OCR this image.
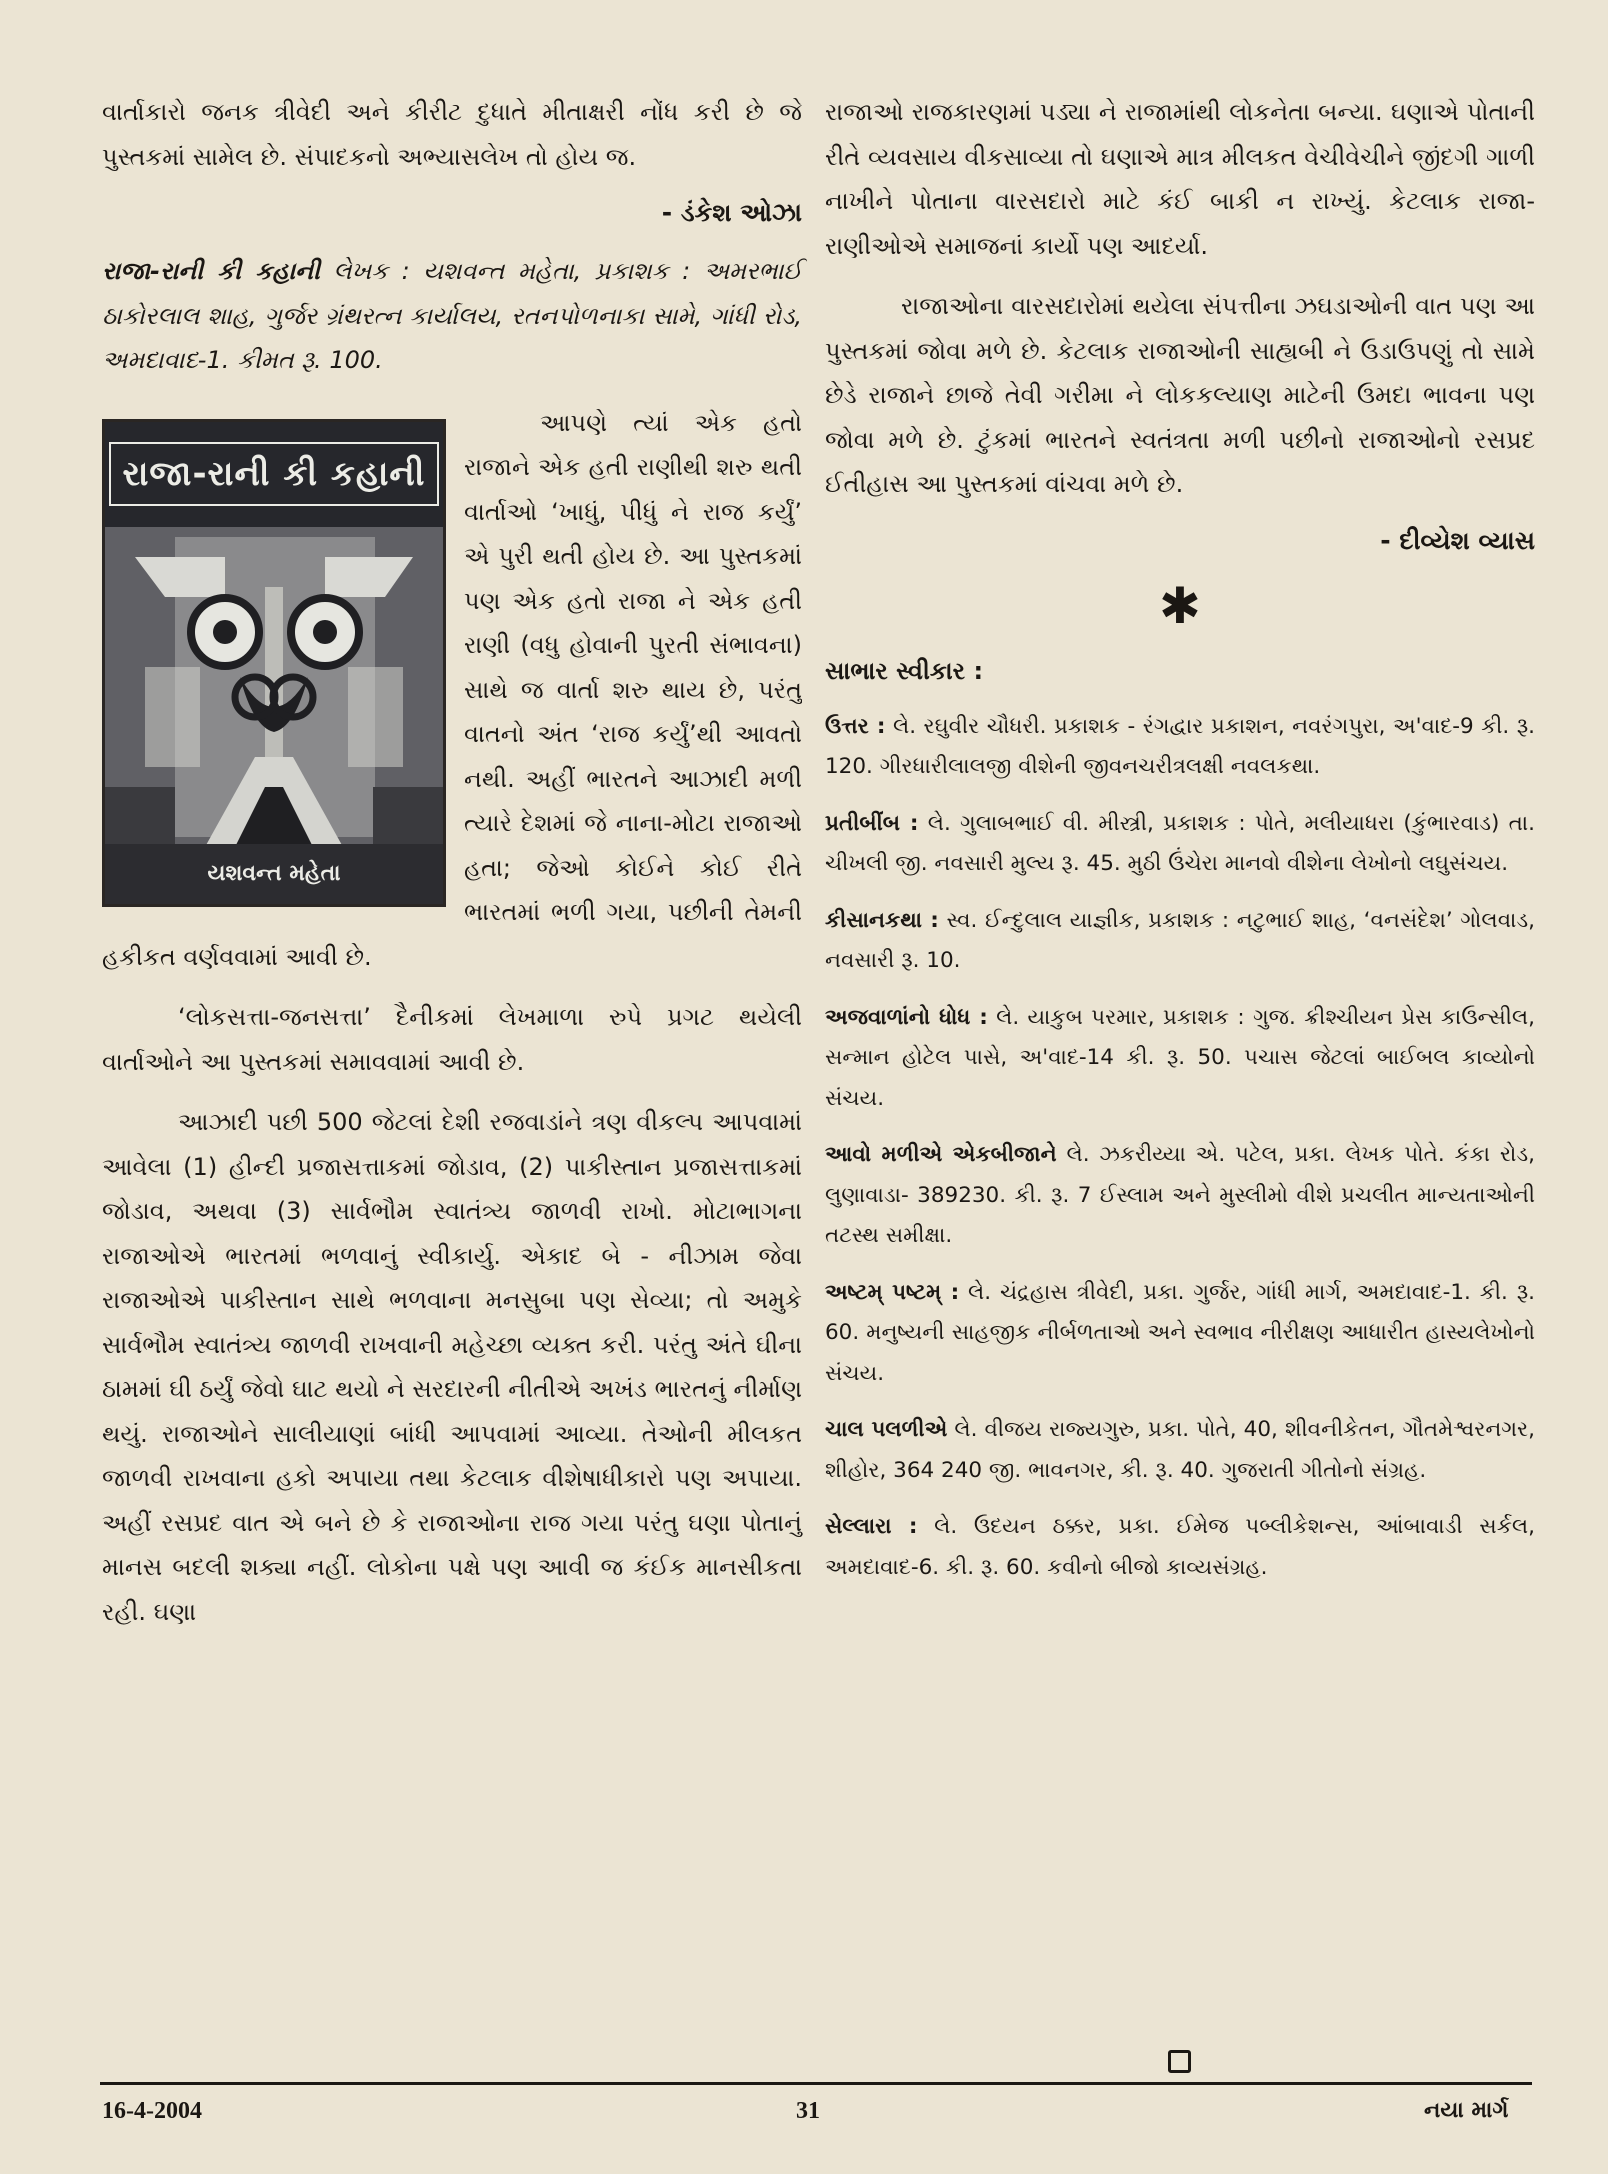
વાર્તાકારો જનક ત્રીવેદી અને કીરીટ દુધાતે મીતાક્ષરી નોંધ કરી છે જે પુસ્તકમાં સામેલ છે. સંપાદકનો અભ્યાસલેખ તો હોય જ.

- ડંકેશ ઓઝા

રાજા-રાની કી કહાની લેખક : યશવન્ત મહેતા, પ્રકાશક : અમરભાઈ ઠાકોરલાલ શાહ, ગુર્જર ગ્રંથરત્ન કાર્યાલય, રતનપોળનાકા સામે, ગાંધી રોડ, અમદાવાદ-1. કીમત રૂ. 100.

રાજા-રાની કી કહાની
યશવન્ત મહેતા

આપણે ત્યાં એક હતો રાજાને એક હતી રાણીથી શરુ થતી વાર્તાઓ ‘ખાધું, પીધું ને રાજ કર્યું’ એ પુરી થતી હોય છે. આ પુસ્તકમાં પણ એક હતો રાજા ને એક હતી રાણી (વધુ હોવાની પુરતી સંભાવના) સાથે જ વાર્તા શરુ થાય છે, પરંતુ વાતનો અંત ‘રાજ કર્યું’થી આવતો નથી. અહીં ભારતને આઝાદી મળી ત્યારે દેશમાં જે નાના-મોટા રાજાઓ હતા; જેઓ કોઈને કોઈ રીતે ભારતમાં ભળી ગયા, પછીની તેમની હકીકત વર્ણવવામાં આવી છે.

‘લોકસત્તા-જનસત્તા’ દૈનીકમાં લેખમાળા રુપે પ્રગટ થયેલી વાર્તાઓને આ પુસ્તકમાં સમાવવામાં આવી છે.

આઝાદી પછી 500 જેટલાં દેશી રજવાડાંને ત્રણ વીકલ્પ આપવામાં આવેલા (1) હીન્દી પ્રજાસત્તાકમાં જોડાવ, (2) પાકીસ્તાન પ્રજાસત્તાકમાં જોડાવ, અથવા (3) સાર્વભૌમ સ્વાતંત્ર્ય જાળવી રાખો. મોટાભાગના રાજાઓએ ભારતમાં ભળવાનું સ્વીકાર્યુ. એકાદ બે - નીઝામ જેવા રાજાઓએ પાકીસ્તાન સાથે ભળવાના મનસુબા પણ સેવ્યા; તો અમુકે સાર્વભૌમ સ્વાતંત્ર્ય જાળવી રાખવાની મહેચ્છા વ્યક્ત કરી. પરંતુ અંતે ઘીના ઠામમાં ઘી ઠર્યું જેવો ઘાટ થયો ને સરદારની નીતીએ અખંડ ભારતનું નીર્માણ થયું. રાજાઓને સાલીયાણાં બાંધી આપવામાં આવ્યા. તેઓની મીલકત જાળવી રાખવાના હકો અપાયા તથા કેટલાક વીશેષાધીકારો પણ અપાયા. અહીં રસપ્રદ વાત એ બને છે કે રાજાઓના રાજ ગયા પરંતુ ઘણા પોતાનું માનસ બદલી શક્યા નહીં. લોકોના પક્ષે પણ આવી જ કંઈક માનસીકતા રહી. ઘણા

રાજાઓ રાજકારણમાં પડ્યા ને રાજામાંથી લોકનેતા બન્યા. ઘણાએ પોતાની રીતે વ્યવસાય વીકસાવ્યા તો ઘણાએ માત્ર મીલકત વેચીવેચીને જીંદગી ગાળી નાખીને પોતાના વારસદારો માટે કંઈ બાકી ન રાખ્યું. કેટલાક રાજા-રાણીઓએ સમાજનાં કાર્યો પણ આદર્યા.

રાજાઓના વારસદારોમાં થયેલા સંપત્તીના ઝઘડાઓની વાત પણ આ પુસ્તકમાં જોવા મળે છે. કેટલાક રાજાઓની સાહ્યબી ને ઉડાઉપણું તો સામે છેડે રાજાને છાજે તેવી ગરીમા ને લોકકલ્યાણ માટેની ઉમદા ભાવના પણ જોવા મળે છે. ટુંકમાં ભારતને સ્વતંત્રતા મળી પછીનો રાજાઓનો રસપ્રદ ઈતીહાસ આ પુસ્તકમાં વાંચવા મળે છે.

- દીવ્યેશ વ્યાસ

✱

સાભાર સ્વીકાર :

ઉત્તર : લે. રઘુવીર ચૌધરી. પ્રકાશક - રંગદ્વાર પ્રકાશન, નવરંગપુરા, અ'વાદ-9 કી. રૂ. 120. ગીરધારીલાલજી વીશેની જીવનચરીત્રલક્ષી નવલકથા.

પ્રતીબીંબ : લે. ગુલાબભાઈ વી. મીસ્ત્રી, પ્રકાશક : પોતે, મલીયાધરા (કુંભારવાડ) તા. ચીખલી જી. નવસારી મુલ્ય રૂ. 45. મુઠી ઉંચેરા માનવો વીશેના લેખોનો લઘુસંચય.

કીસાનકથા : સ્વ. ઈન્દુલાલ યાજ્ઞીક, પ્રકાશક : નટુભાઈ શાહ, ‘વનસંદેશ’ ગોલવાડ, નવસારી રૂ. 10.

અજવાળાંનો ધોધ : લે. યાકુબ પરમાર, પ્રકાશક : ગુજ. ક્રીશ્ચીયન પ્રેસ કાઉન્સીલ, સન્માન હોટેલ પાસે, અ'વાદ-14 કી. રૂ. 50. પચાસ જેટલાં બાઈબલ કાવ્યોનો સંચય.

આવો મળીએ એકબીજાને લે. ઝકરીય્યા એ. પટેલ, પ્રકા. લેખક પોતે. કંકા રોડ, લુણાવાડા- 389230. કી. રૂ. 7 ઈસ્લામ અને મુસ્લીમો વીશે પ્રચલીત માન્યતાઓની તટસ્થ સમીક્ષા.

અષ્ટમ્ પષ્ટમ્ : લે. ચંદ્રહાસ ત્રીવેદી, પ્રકા. ગુર્જર, ગાંધી માર્ગ, અમદાવાદ-1. કી. રૂ. 60. મનુષ્યની સાહજીક નીર્બળતાઓ અને સ્વભાવ નીરીક્ષણ આધારીત હાસ્યલેખોનો સંચય.

ચાલ પલળીએ લે. વીજય રાજ્યગુરુ, પ્રકા. પોતે, 40, શીવનીકેતન, ગૌતમેશ્વરનગર, શીહોર, 364 240 જી. ભાવનગર, કી. રૂ. 40. ગુજરાતી ગીતોનો સંગ્રહ.

સેલ્લારા : લે. ઉદયન ઠક્કર, પ્રકા. ઈમેજ પબ્લીકેશન્સ, આંબાવાડી સર્કલ, અમદાવાદ-6. કી. રૂ. 60. કવીનો બીજો કાવ્યસંગ્રહ.

16-4-2004	31	નયા માર્ગ
